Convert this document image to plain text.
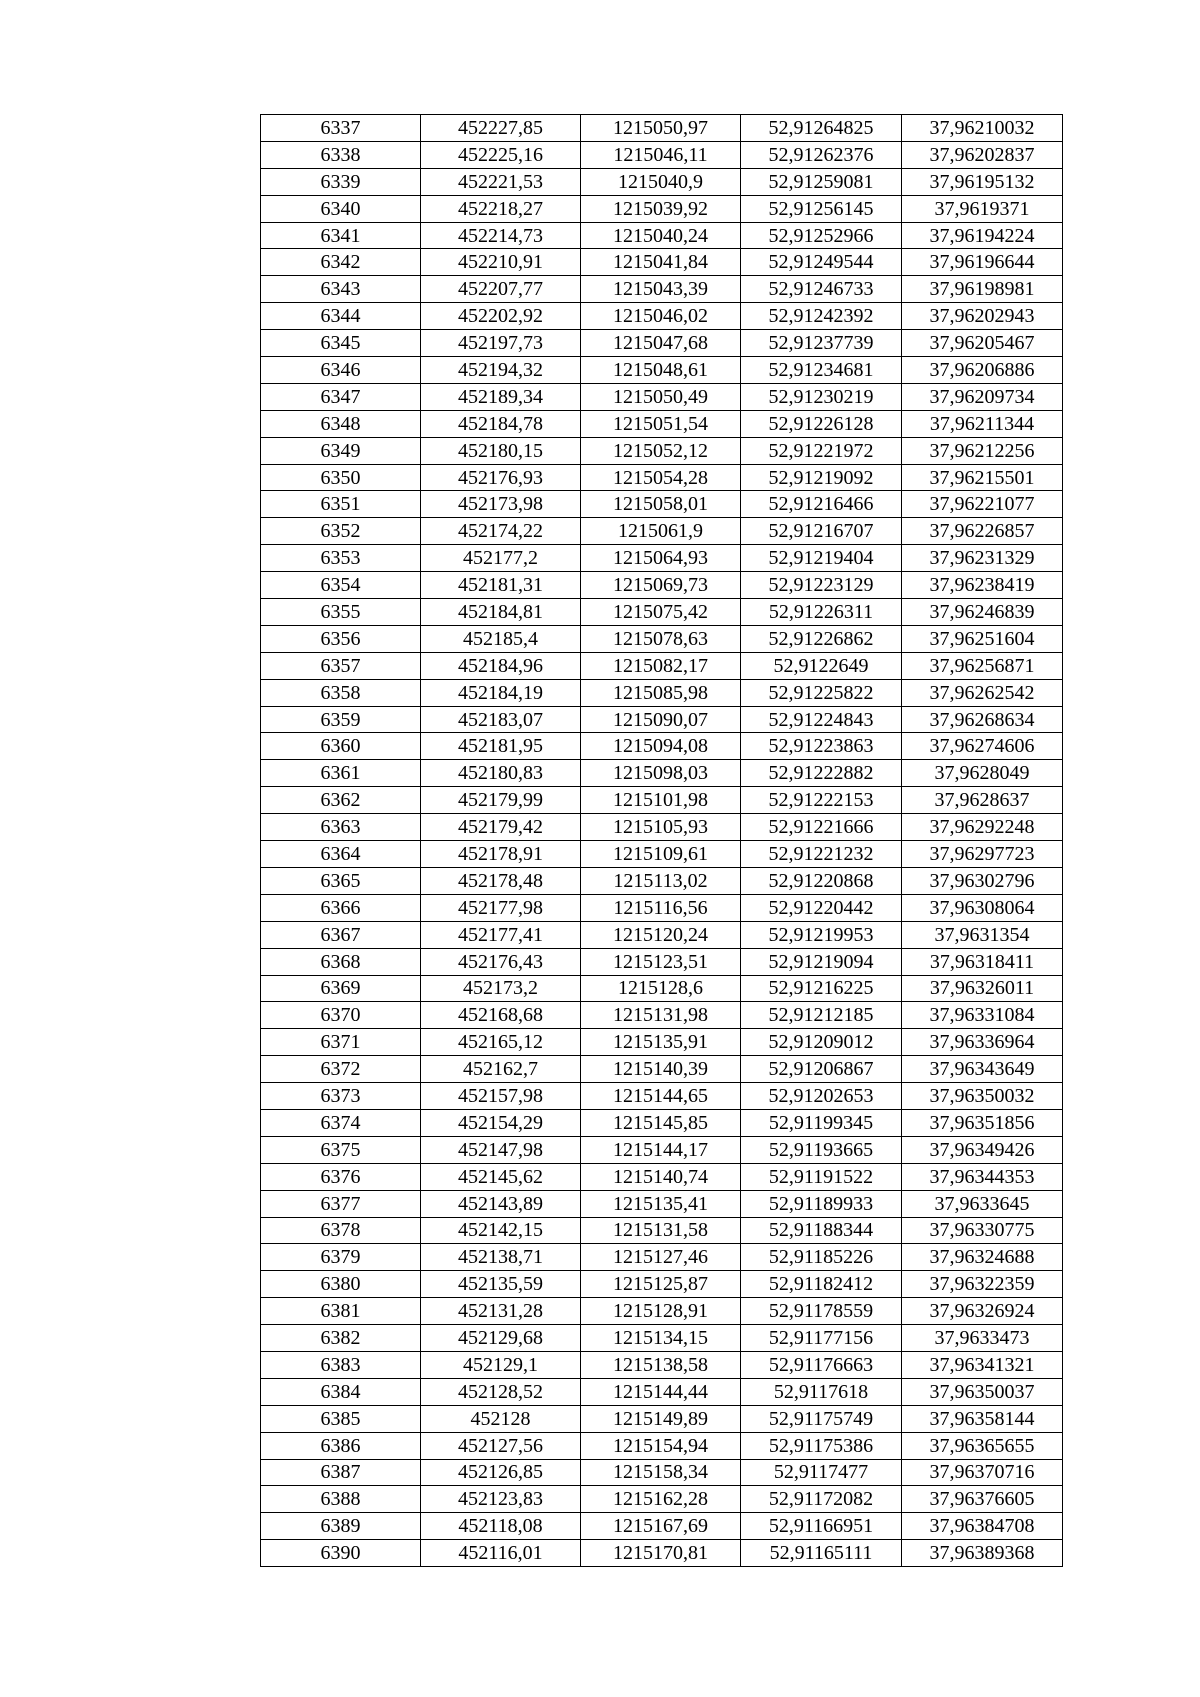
6337	452227,85	1215050,97	52,91264825	37,96210032
6338	452225,16	1215046,11	52,91262376	37,96202837
6339	452221,53	1215040,9	52,91259081	37,96195132
6340	452218,27	1215039,92	52,91256145	37,9619371
6341	452214,73	1215040,24	52,91252966	37,96194224
6342	452210,91	1215041,84	52,91249544	37,96196644
6343	452207,77	1215043,39	52,91246733	37,96198981
6344	452202,92	1215046,02	52,91242392	37,96202943
6345	452197,73	1215047,68	52,91237739	37,96205467
6346	452194,32	1215048,61	52,91234681	37,96206886
6347	452189,34	1215050,49	52,91230219	37,96209734
6348	452184,78	1215051,54	52,91226128	37,96211344
6349	452180,15	1215052,12	52,91221972	37,96212256
6350	452176,93	1215054,28	52,91219092	37,96215501
6351	452173,98	1215058,01	52,91216466	37,96221077
6352	452174,22	1215061,9	52,91216707	37,96226857
6353	452177,2	1215064,93	52,91219404	37,96231329
6354	452181,31	1215069,73	52,91223129	37,96238419
6355	452184,81	1215075,42	52,91226311	37,96246839
6356	452185,4	1215078,63	52,91226862	37,96251604
6357	452184,96	1215082,17	52,9122649	37,96256871
6358	452184,19	1215085,98	52,91225822	37,96262542
6359	452183,07	1215090,07	52,91224843	37,96268634
6360	452181,95	1215094,08	52,91223863	37,96274606
6361	452180,83	1215098,03	52,91222882	37,9628049
6362	452179,99	1215101,98	52,91222153	37,9628637
6363	452179,42	1215105,93	52,91221666	37,96292248
6364	452178,91	1215109,61	52,91221232	37,96297723
6365	452178,48	1215113,02	52,91220868	37,96302796
6366	452177,98	1215116,56	52,91220442	37,96308064
6367	452177,41	1215120,24	52,91219953	37,9631354
6368	452176,43	1215123,51	52,91219094	37,96318411
6369	452173,2	1215128,6	52,91216225	37,96326011
6370	452168,68	1215131,98	52,91212185	37,96331084
6371	452165,12	1215135,91	52,91209012	37,96336964
6372	452162,7	1215140,39	52,91206867	37,96343649
6373	452157,98	1215144,65	52,91202653	37,96350032
6374	452154,29	1215145,85	52,91199345	37,96351856
6375	452147,98	1215144,17	52,91193665	37,96349426
6376	452145,62	1215140,74	52,91191522	37,96344353
6377	452143,89	1215135,41	52,91189933	37,9633645
6378	452142,15	1215131,58	52,91188344	37,96330775
6379	452138,71	1215127,46	52,91185226	37,96324688
6380	452135,59	1215125,87	52,91182412	37,96322359
6381	452131,28	1215128,91	52,91178559	37,96326924
6382	452129,68	1215134,15	52,91177156	37,9633473
6383	452129,1	1215138,58	52,91176663	37,96341321
6384	452128,52	1215144,44	52,9117618	37,96350037
6385	452128	1215149,89	52,91175749	37,96358144
6386	452127,56	1215154,94	52,91175386	37,96365655
6387	452126,85	1215158,34	52,9117477	37,96370716
6388	452123,83	1215162,28	52,91172082	37,96376605
6389	452118,08	1215167,69	52,91166951	37,96384708
6390	452116,01	1215170,81	52,91165111	37,96389368
